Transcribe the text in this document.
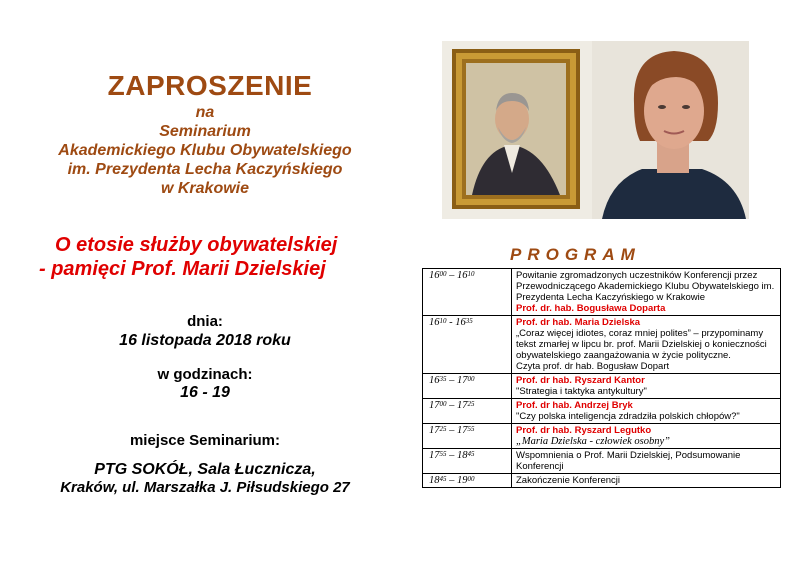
ZAPROSZENIE
na
Seminarium
Akademickiego Klubu Obywatelskiego
im. Prezydenta Lecha Kaczyńskiego
w Krakowie
O etosie służby obywatelskiej
- pamięci Prof. Marii Dzielskiej
dnia:
16 listopada 2018 roku
w godzinach:
16 - 19
miejsce Seminarium:
PTG SOKÓŁ, Sala Łucznicza,
Kraków, ul. Marszałka J. Piłsudskiego 27
PROGRAM
$16^{00} - 16^{10}$	Powitanie zgromadzonych uczestników Konferencji przez Przewodniczącego Akademickiego Klubu Obywatelskiego im. Prezydenta Lecha Kaczyńskiego w Krakowie
Prof. dr. hab. Bogusława Doparta

$16^{10} - 16^{35}$	Prof. dr hab. Maria Dzielska
„Coraz więcej idiotes, coraz mniej polites” – przypominamy tekst zmarłej w lipcu br. prof. Marii Dzielskiej o konieczności obywatelskiego zaangażowania w życie polityczne.
Czyta prof. dr hab. Bogusław Dopart

$16^{35} - 17^{00}$	Prof. dr hab. Ryszard Kantor
"Strategia i taktyka antykultury"

$17^{00} - 17^{25}$	Prof. dr hab. Andrzej Bryk
"Czy polska inteligencja zdradziła polskich chłopów?"

$17^{25} - 17^{55}$	Prof. dr hab. Ryszard Legutko
„Maria Dzielska - człowiek osobny”

$17^{55} - 18^{45}$	Wspomnienia o Prof. Marii Dzielskiej, Podsumowanie Konferencji

$18^{45} - 19^{00}$	Zakończenie Konferencji
